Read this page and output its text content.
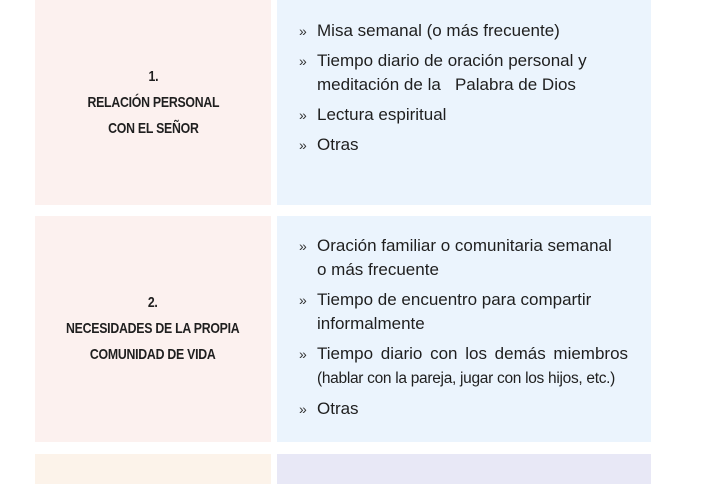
1.
RELACIÓN PERSONAL
CON EL SEÑOR
» Misa semanal (o más frecuente)
» Tiempo diario de oración personal y
meditación de la   Palabra de Dios
» Lectura espiritual
» Otras
2.
NECESIDADES DE LA PROPIA
COMUNIDAD DE VIDA
» Oración familiar o comunitaria semanal
o más frecuente
» Tiempo de encuentro para compartir
informalmente
» Tiempo diario con los demás miembros
(hablar con la pareja, jugar con los hijos, etc.)
» Otras
